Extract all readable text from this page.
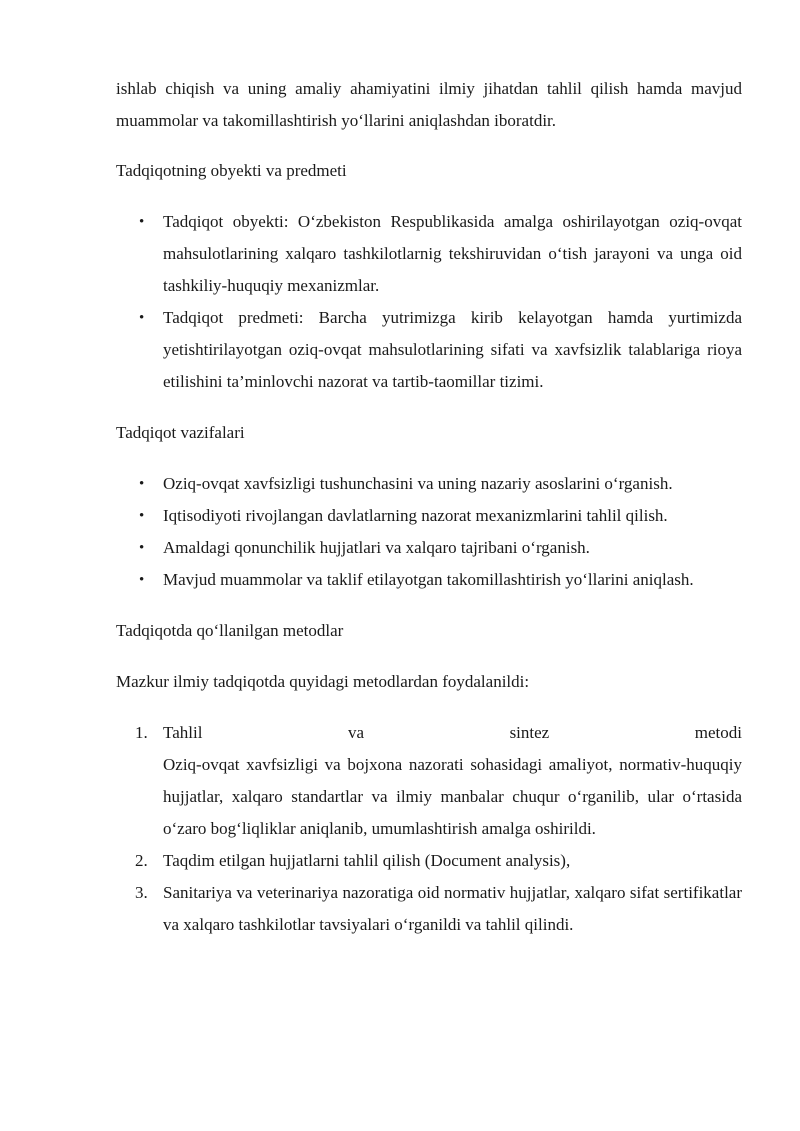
ishlab chiqish va uning amaliy ahamiyatini ilmiy jihatdan tahlil qilish hamda mavjud muammolar va takomillashtirish yo‘llarini aniqlashdan iboratdir.

Tadqiqotning obyekti va predmeti

• Tadqiqot obyekti: O‘zbekiston Respublikasida amalga oshirilayotgan oziq-ovqat mahsulotlarining xalqaro tashkilotlarnig tekshiruvidan o‘tish jarayoni va unga oid tashkiliy-huquqiy mexanizmlar.
• Tadqiqot predmeti: Barcha yutrimizga kirib kelayotgan hamda yurtimizda yetishtirilayotgan oziq-ovqat mahsulotlarining sifati va xavfsizlik talablariga rioya etilishini ta’minlovchi nazorat va tartib-taomillar tizimi.

Tadqiqot vazifalari

• Oziq-ovqat xavfsizligi tushunchasini va uning nazariy asoslarini o‘rganish.
• Iqtisodiyoti rivojlangan davlatlarning nazorat mexanizmlarini tahlil qilish.
• Amaldagi qonunchilik hujjatlari va xalqaro tajribani o‘rganish.
• Mavjud muammolar va taklif etilayotgan takomillashtirish yo‘llarini aniqlash.

Tadqiqotda qo‘llanilgan metodlar

Mazkur ilmiy tadqiqotda quyidagi metodlardan foydalanildi:

1. Tahlil	va	sintez	metodi
Oziq-ovqat xavfsizligi va bojxona nazorati sohasidagi amaliyot, normativ-huquqiy hujjatlar, xalqaro standartlar va ilmiy manbalar chuqur o‘rganilib, ular o‘rtasida o‘zaro bog‘liqliklar aniqlanib, umumlashtirish amalga oshirildi.
2. Taqdim etilgan hujjatlarni tahlil qilish (Document analysis),
3. Sanitariya va veterinariya nazoratiga oid normativ hujjatlar, xalqaro sifat sertifikatlar va xalqaro tashkilotlar tavsiyalari o‘rganildi va tahlil qilindi.
